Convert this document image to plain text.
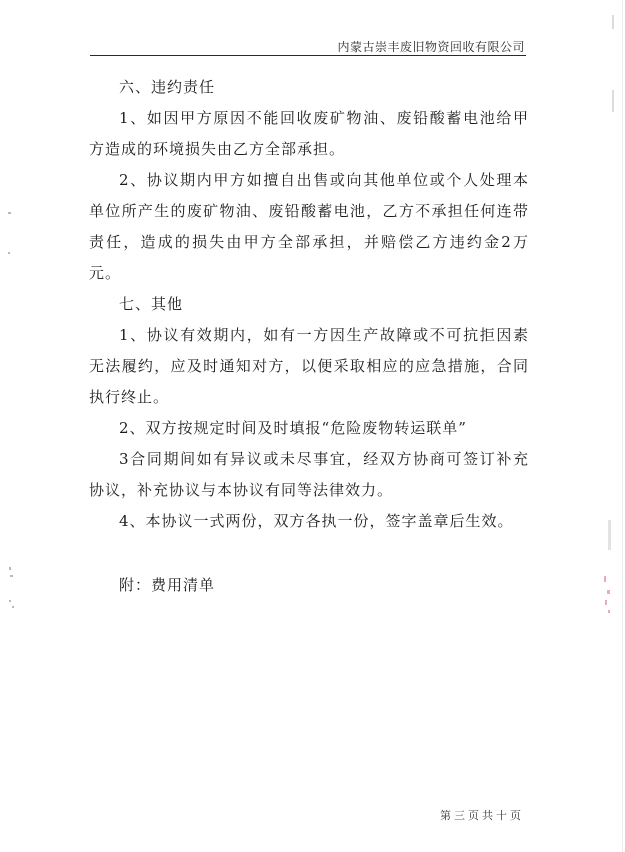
内蒙古崇丰废旧物资回收有限公司

六、违约责任

1、如因甲方原因不能回收废矿物油、废铅酸蓄电池给甲方造成的环境损失由乙方全部承担。

2、协议期内甲方如擅自出售或向其他单位或个人处理本单位所产生的废矿物油、废铅酸蓄电池，乙方不承担任何连带责任，造成的损失由甲方全部承担，并赔偿乙方违约金2万元。

七、其他

1、协议有效期内，如有一方因生产故障或不可抗拒因素无法履约，应及时通知对方，以便采取相应的应急措施，合同执行终止。

2、双方按规定时间及时填报“危险废物转运联单”

3合同期间如有异议或未尽事宜，经双方协商可签订补充协议，补充协议与本协议有同等法律效力。

4、本协议一式两份，双方各执一份，签字盖章后生效。

附：费用清单

第三页共十页
